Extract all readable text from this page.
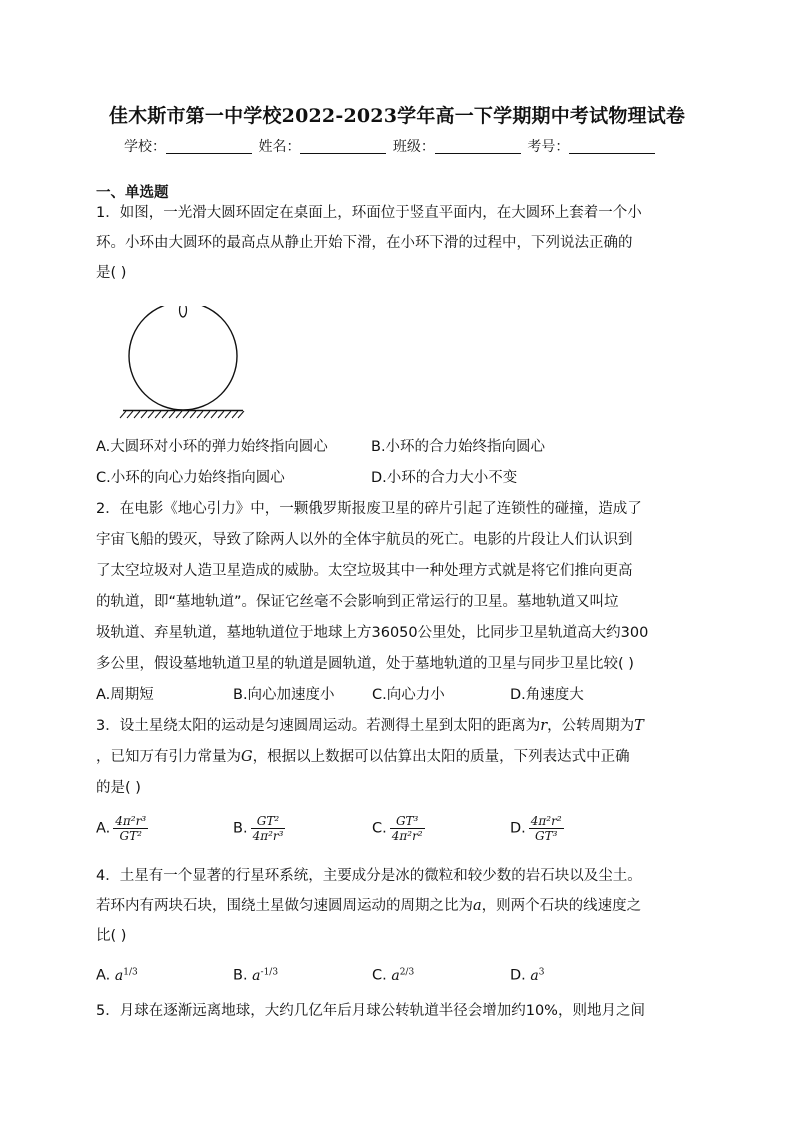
佳木斯市第一中学校2022-2023学年高一下学期期中考试物理试卷
学校：	姓名：	班级：	考号：
一、单选题
1．如图，一光滑大圆环固定在桌面上，环面位于竖直平面内，在大圆环上套着一个小
环。小环由大圆环的最高点从静止开始下滑，在小环下滑的过程中，下列说法正确的
是( )
A.大圆环对小环的弹力始终指向圆心	B.小环的合力始终指向圆心
C.小环的向心力始终指向圆心	D.小环的合力大小不变
2．在电影《地心引力》中，一颗俄罗斯报废卫星的碎片引起了连锁性的碰撞，造成了
宇宙飞船的毁灭，导致了除两人以外的全体宇航员的死亡。电影的片段让人们认识到
了太空垃圾对人造卫星造成的威胁。太空垃圾其中一种处理方式就是将它们推向更高
的轨道，即“墓地轨道”。保证它丝毫不会影响到正常运行的卫星。墓地轨道又叫垃
圾轨道、弃星轨道，墓地轨道位于地球上方36050公里处，比同步卫星轨道高大约300
多公里，假设墓地轨道卫星的轨道是圆轨道，处于墓地轨道的卫星与同步卫星比较( )
A.周期短	B.向心加速度小	C.向心力小	D.角速度大
3．设土星绕太阳的运动是匀速圆周运动。若测得土星到太阳的距离为r，公转周期为T
，已知万有引力常量为G，根据以上数据可以估算出太阳的质量，下列表达式中正确
的是( )
A. $\frac{\text{4π²r³}}{\text{GT²}}$	B. $\frac{\text{GT²}}{\text{4π²r³}}$	C. $\frac{\text{GT³}}{\text{4π²r²}}$	D. $\frac{\text{4π²r²}}{\text{GT³}}$
4．土星有一个显著的行星环系统，主要成分是冰的微粒和较少数的岩石块以及尘土。
若环内有两块石块，围绕土星做匀速圆周运动的周期之比为a，则两个石块的线速度之
比( )
A. $a^{1/3}$	B. $a^{-1/3}$	C. $a^{2/3}$	D. $a^3$
5．月球在逐渐远离地球，大约几亿年后月球公转轨道半径会增加约10%，则地月之间
